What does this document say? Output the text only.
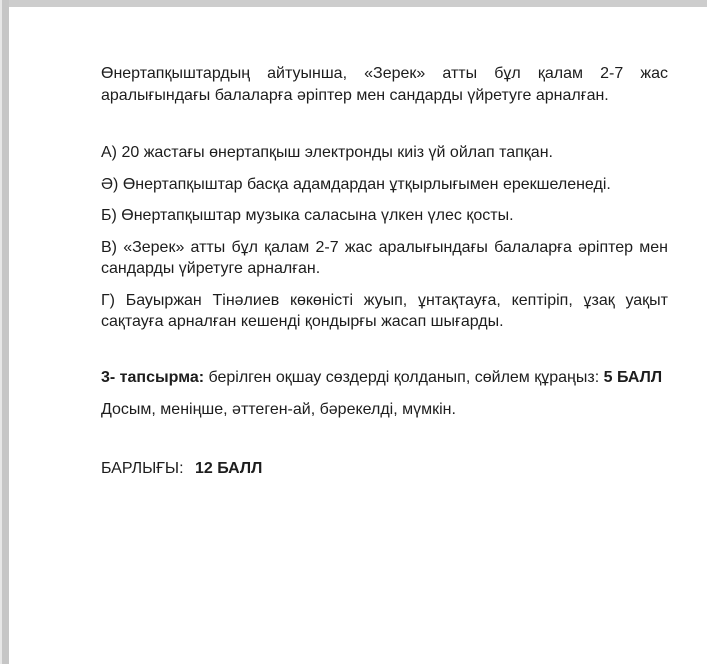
Өнертапқыштардың айтуынша, «Зерек» атты бұл қалам 2-7 жас
аралығындағы балаларға әріптер мен сандарды үйретуге арналған.

А) 20 жастағы өнертапқыш электронды киіз үй ойлап тапқан.

Ә) Өнертапқыштар басқа адамдардан ұтқырлығымен ерекшеленеді.

Б) Өнертапқыштар музыка саласына үлкен үлес қосты.

В) «Зерек» атты бұл қалам 2-7 жас аралығындағы балаларға әріптер мен
сандарды үйретуге арналған.

Г) Бауыржан Тінәлиев көкөністі жуып, ұнтақтауға, кептіріп, ұзақ уақыт
сақтауға арналған кешенді қондырғы жасап шығарды.

3- тапсырма: берілген оқшау сөздерді қолданып, сөйлем құраңыз: 5 БАЛЛ

Досым, меніңше, әттеген-ай, бәрекелді, мүмкін.

БАРЛЫҒЫ: 12 БАЛЛ
